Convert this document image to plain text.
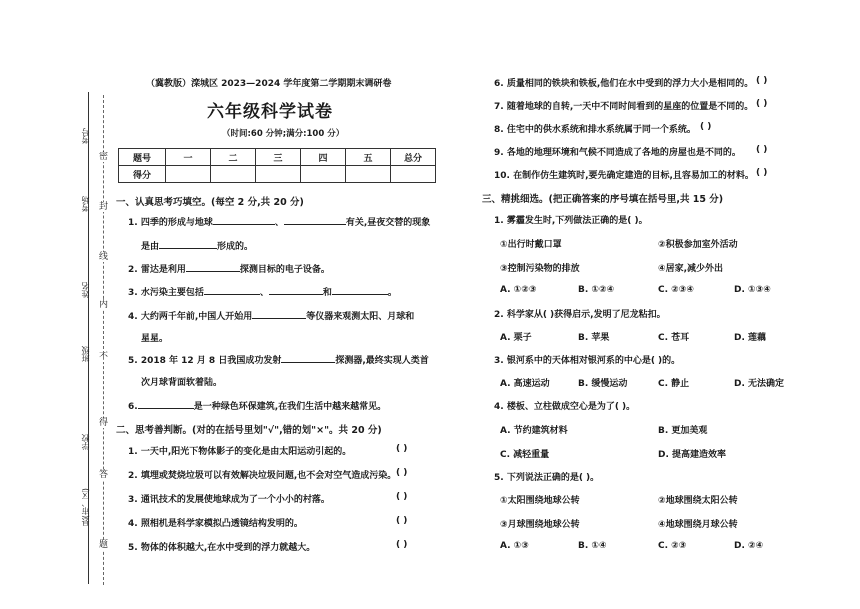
考号
考场
姓名
班级
学校
县(市、区)
密
封
线
内
不
得
答
题
（冀教版）滦城区 2023—2024 学年度第二学期期末调研卷
六年级科学试卷
（时间:60 分钟;满分:100 分）
题号	一	二	三	四	五	总分
得分						
一、认真思考巧填空。(每空 2 分,共 20 分)
1. 四季的形成与地球	、	有关,昼夜交替的现象
是由	形成的。
2. 雷达是利用	探测目标的电子设备。
3. 水污染主要包括	、	和	。
4. 大约两千年前,中国人开始用	等仪器来观测太阳、月球和
星星。
5. 2018 年 12 月 8 日我国成功发射	探测器,最终实现人类首
次月球背面软着陆。
6.	是一种绿色环保建筑,在我们生活中越来越常见。
二、思考善判断。(对的在括号里划"√",错的划"×"。共 20 分)
1. 一天中,阳光下物体影子的变化是由太阳运动引起的。	( )
2. 填埋或焚烧垃圾可以有效解决垃圾问题,也不会对空气造成污染。 ( )
3. 通讯技术的发展使地球成为了一个小小的村落。	( )
4. 照相机是科学家模拟凸透镜结构发明的。	( )
5. 物体的体积越大,在水中受到的浮力就越大。	( )
6. 质量相同的铁块和铁板,他们在水中受到的浮力大小是相同的。 ( )
7. 随着地球的自转,一天中不同时间看到的星座的位置是不同的。 ( )
8. 住宅中的供水系统和排水系统属于同一个系统。 ( )
9. 各地的地理环境和气候不同造成了各地的房屋也是不同的。 ( )
10. 在制作仿生建筑时,要先确定建造的目标,且容易加工的材料。 ( )
三、精挑细选。(把正确答案的序号填在括号里,共 15 分)
1. 雾霾发生时,下列做法正确的是( )。
①出行时戴口罩	②积极参加室外活动
③控制污染物的排放	④居家,减少外出
A. ①②③	B. ①②④	C. ②③④	D. ①③④
2. 科学家从( )获得启示,发明了尼龙粘扣。
A. 栗子	B. 苹果	C. 苍耳	D. 莲藕
3. 银河系中的天体相对银河系的中心是( )的。
A. 高速运动	B. 缓慢运动	C. 静止	D. 无法确定
4. 楼板、立柱做成空心是为了( )。
A. 节约建筑材料	B. 更加美观
C. 减轻重量	D. 提高建造效率
5. 下列说法正确的是( )。
①太阳围绕地球公转	②地球围绕太阳公转
③月球围绕地球公转	④地球围绕月球公转
A. ①③	B. ①④	C. ②③	D. ②④
